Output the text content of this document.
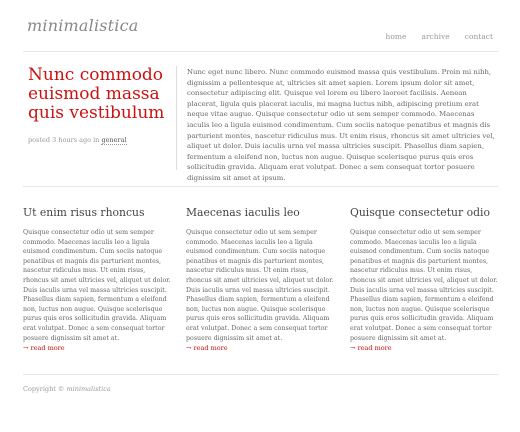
minimalistica
home archive contact
Nunc commodo euismod massa quis vestibulum
posted 3 hours ago in general

Nunc eget nunc libero. Nunc commodo euismod massa quis vestibulum. Proin mi nibh, dignissim a pellentesque at, ultricies sit amet sapien. Lorem ipsum dolor sit amet, consectetur adipiscing elit. Quisque vel lorem eu libero laoreet facilisis. Aenean placerat, ligula quis placerat iaculis, mi magna luctus nibh, adipiscing pretium erat neque vitae augue. Quisque consectetur odio ut sem semper commodo. Maecenas iaculis leo a ligula euismod condimentum. Cum sociis natoque penatibus et magnis dis parturient montes, nascetur ridiculus mus. Ut enim risus, rhoncus sit amet ultricies vel, aliquet ut dolor. Duis iaculis urna vel massa ultricies suscipit. Phasellus diam sapien, fermentum a eleifend non, luctus non augue. Quisque scelerisque purus quis eros sollicitudin gravida. Aliquam erat volutpat. Donec a sem consequat tortor posuere dignissim sit amet at ipsum.

Ut enim risus rhoncus

Quisque consectetur odio ut sem semper commodo. Maecenas iaculis leo a ligula euismod condimentum. Cum sociis natoque penatibus et magnis dis parturient montes, nascetur ridiculus mus. Ut enim risus, rhoncus sit amet ultricies vel, aliquet ut dolor. Duis iaculis urna vel massa ultricies suscipit. Phasellus diam sapien, fermentum a eleifend non, luctus non augue. Quisque scelerisque purus quis eros sollicitudin gravida. Aliquam erat volutpat. Donec a sem consequat tortor posuere dignissim sit amet at.

→ read more
Maecenas iaculis leo

Quisque consectetur odio ut sem semper commodo. Maecenas iaculis leo a ligula euismod condimentum. Cum sociis natoque penatibus et magnis dis parturient montes, nascetur ridiculus mus. Ut enim risus, rhoncus sit amet ultricies vel, aliquet ut dolor. Duis iaculis urna vel massa ultricies suscipit. Phasellus diam sapien, fermentum a eleifend non, luctus non augue. Quisque scelerisque purus quis eros sollicitudin gravida. Aliquam erat volutpat. Donec a sem consequat tortor posuere dignissim sit amet at.

→ read more
Quisque consectetur odio

Quisque consectetur odio ut sem semper commodo. Maecenas iaculis leo a ligula euismod condimentum. Cum sociis natoque penatibus et magnis dis parturient montes, nascetur ridiculus mus. Ut enim risus, rhoncus sit amet ultricies vel, aliquet ut dolor. Duis iaculis urna vel massa ultricies suscipit. Phasellus diam sapien, fermentum a eleifend non, luctus non augue. Quisque scelerisque purus quis eros sollicitudin gravida. Aliquam erat volutpat. Donec a sem consequat tortor posuere dignissim sit amet at.

→ read more
Copyright © minimalistica
